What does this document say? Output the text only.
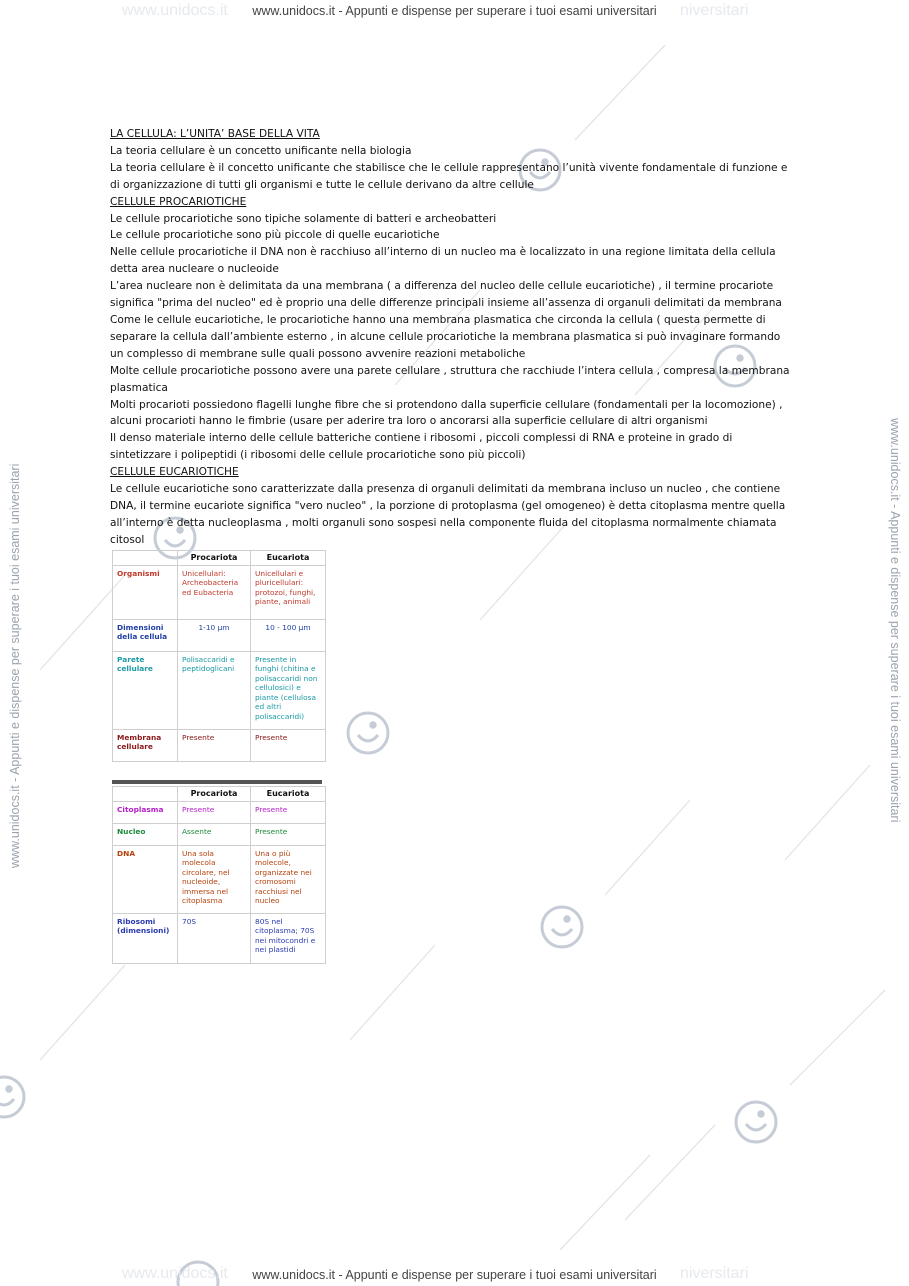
www.unidocs.it	niversitari
www.unidocs.it	niversitari
www.unidocs.it - Appunti e dispense per superare i tuoi esami universitari
www.unidocs.it - Appunti e dispense per superare i tuoi esami universitari
www.unidocs.it - Appunti e dispense per superare i tuoi esami universitari	www.unidocs.it - Appunti e dispense per superare i tuoi esami universitari

LA CELLULA: L’UNITA’ BASE DELLA VITA

La teoria cellulare è un concetto unificante nella biologia

La teoria cellulare è il concetto unificante che stabilisce che le cellule rappresentano l’unità vivente fondamentale di funzione e

di organizzazione di tutti gli organismi e tutte le cellule derivano da altre cellule

CELLULE PROCARIOTICHE

Le cellule procariotiche sono tipiche solamente di batteri e archeobatteri

Le cellule procariotiche sono più piccole di quelle eucariotiche

Nelle cellule procariotiche il DNA non è racchiuso all’interno di un nucleo ma è localizzato in una regione limitata della cellula

detta area nucleare o nucleoide

L’area nucleare non è delimitata da una membrana ( a differenza del nucleo delle cellule eucariotiche) , il termine procariote

significa "prima del nucleo" ed è proprio una delle differenze principali insieme all’assenza di organuli delimitati da membrana

Come le cellule eucariotiche, le procariotiche hanno una membrana plasmatica che circonda la cellula ( questa permette di

separare la cellula dall’ambiente esterno , in alcune cellule procariotiche la membrana plasmatica si può invaginare formando

un complesso di membrane sulle quali possono avvenire reazioni metaboliche

Molte cellule procariotiche possono avere una parete cellulare , struttura che racchiude l’intera cellula , compresa la membrana

plasmatica

Molti procarioti possiedono flagelli lunghe fibre che si protendono dalla superficie cellulare (fondamentali per la locomozione) ,

alcuni procarioti hanno le fimbrie (usare per aderire tra loro o ancorarsi alla superficie cellulare di altri organismi

Il denso materiale interno delle cellule batteriche contiene i ribosomi , piccoli complessi di RNA e proteine in grado di

sintetizzare i polipeptidi (i ribosomi delle cellule procariotiche sono più piccoli)

CELLULE EUCARIOTICHE

Le cellule eucariotiche sono caratterizzate dalla presenza di organuli delimitati da membrana incluso un nucleo , che contiene

DNA, il termine eucariote significa "vero nucleo" , la porzione di protoplasma (gel omogeneo) è detta citoplasma mentre quella

all’interno è detta nucleoplasma , molti organuli sono sospesi nella componente fluida del citoplasma normalmente chiamata

citosol

	Procariota	Eucariota
Organismi	Unicellulari: Archeobacteria ed Eubacteria	Unicellulari e pluricellulari: protozoi, funghi, piante, animali
Dimensioni della cellula	1-10 µm	10 - 100 µm
Parete cellulare	Polisaccaridi e peptidoglicani	Presente in funghi (chitina e polisaccaridi non cellulosici) e piante (cellulosa ed altri polisaccaridi)
Membrana cellulare	Presente	Presente
	Procariota	Eucariota
Citoplasma	Presente	Presente
Nucleo	Assente	Presente
DNA	Una sola molecola circolare, nel nucleoide, immersa nel citoplasma	Una o più molecole, organizzate nei cromosomi racchiusi nel nucleo
Ribosomi (dimensioni)	70S	80S nel citoplasma; 70S nei mitocondri e nei plastidi
